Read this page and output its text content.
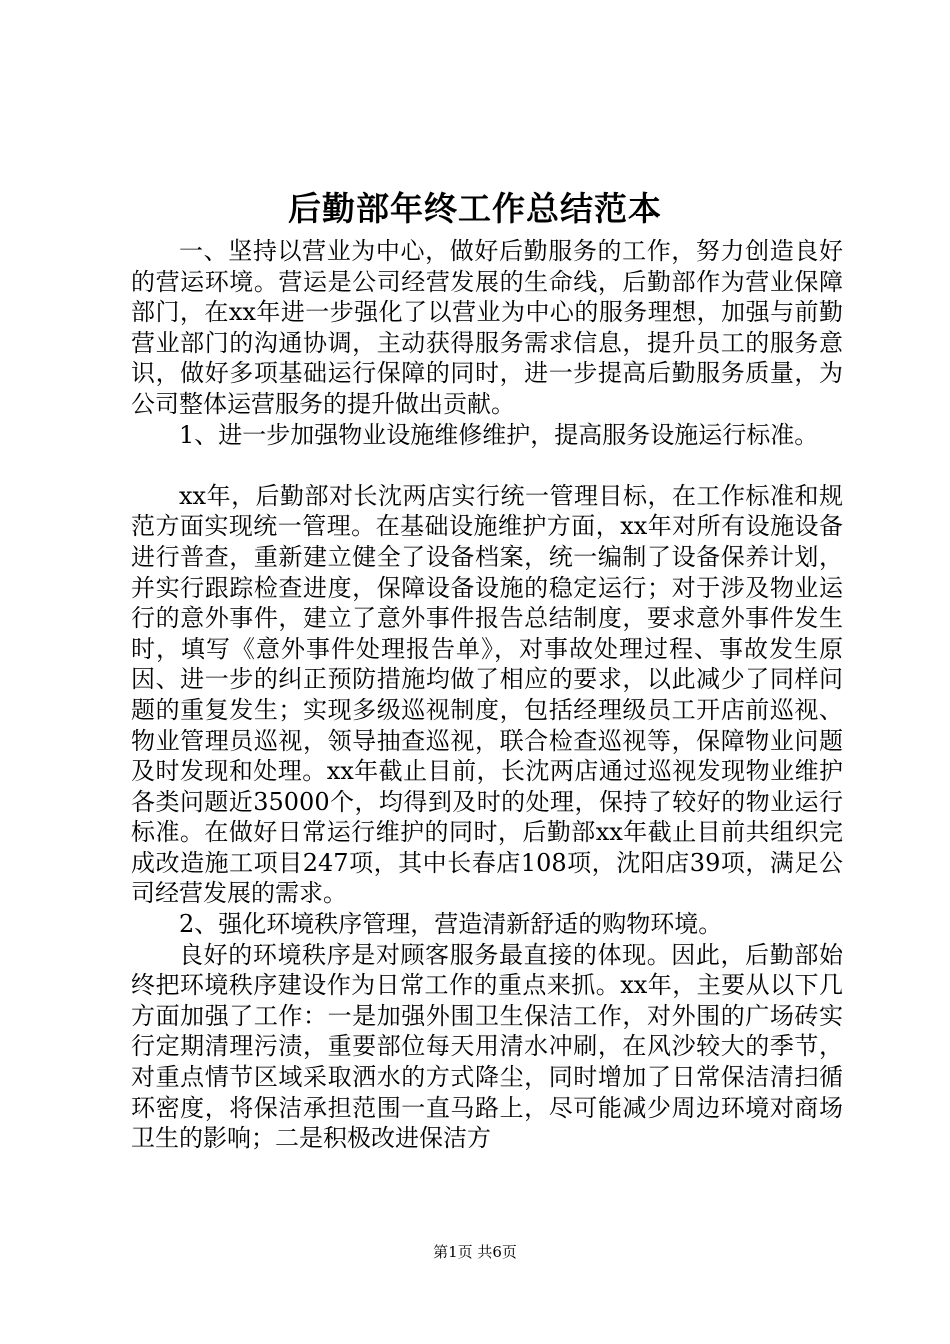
后勤部年终工作总结范本

一、坚持以营业为中心，做好后勤服务的工作，努力创造良好的营运环境。营运是公司经营发展的生命线，后勤部作为营业保障部门，在xx年进一步强化了以营业为中心的服务理想，加强与前勤营业部门的沟通协调，主动获得服务需求信息，提升员工的服务意识，做好多项基础运行保障的同时，进一步提高后勤服务质量，为公司整体运营服务的提升做出贡献。

1、进一步加强物业设施维修维护，提高服务设施运行标准。

xx年，后勤部对长沈两店实行统一管理目标，在工作标准和规范方面实现统一管理。在基础设施维护方面，xx年对所有设施设备进行普查，重新建立健全了设备档案，统一编制了设备保养计划，并实行跟踪检查进度，保障设备设施的稳定运行；对于涉及物业运行的意外事件，建立了意外事件报告总结制度，要求意外事件发生时，填写《意外事件处理报告单》，对事故处理过程、事故发生原因、进一步的纠正预防措施均做了相应的要求，以此减少了同样问题的重复发生；实现多级巡视制度，包括经理级员工开店前巡视、物业管理员巡视，领导抽查巡视，联合检查巡视等，保障物业问题及时发现和处理。xx年截止目前，长沈两店通过巡视发现物业维护各类问题近35000个，均得到及时的处理，保持了较好的物业运行标准。在做好日常运行维护的同时，后勤部xx年截止目前共组织完成改造施工项目247项，其中长春店108项，沈阳店39项，满足公司经营发展的需求。

2、强化环境秩序管理，营造清新舒适的购物环境。

良好的环境秩序是对顾客服务最直接的体现。因此，后勤部始终把环境秩序建设作为日常工作的重点来抓。xx年，主要从以下几方面加强了工作：一是加强外围卫生保洁工作，对外围的广场砖实行定期清理污渍，重要部位每天用清水冲刷，在风沙较大的季节，对重点情节区域采取洒水的方式降尘，同时增加了日常保洁清扫循环密度，将保洁承担范围一直马路上，尽可能减少周边环境对商场卫生的影响；二是积极改进保洁方

第1页 共6页
